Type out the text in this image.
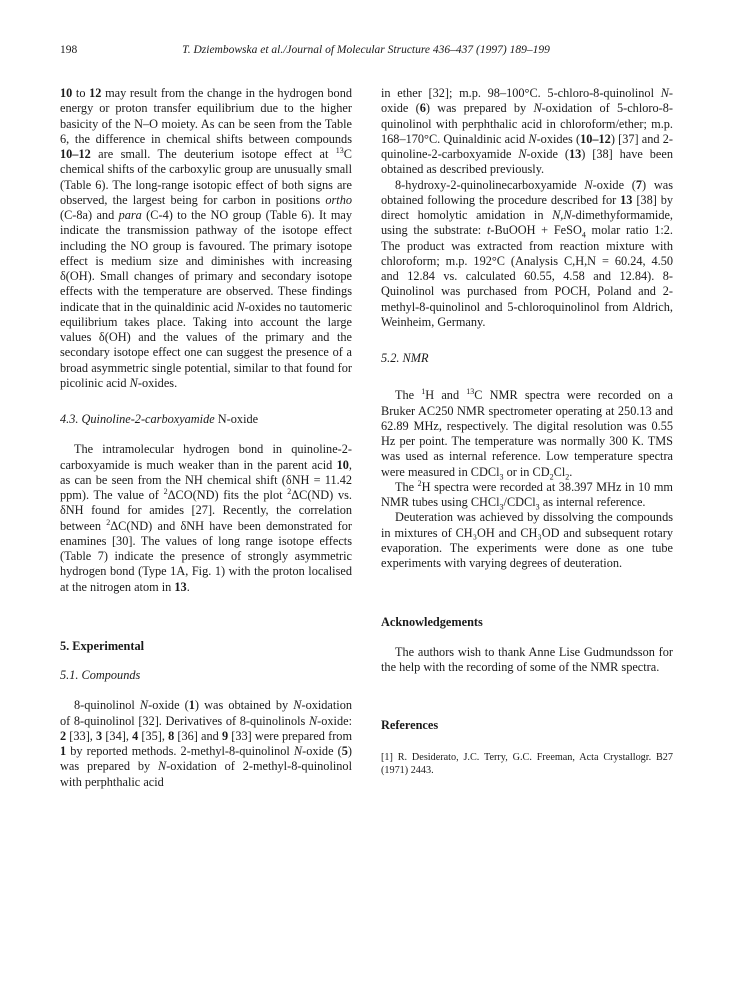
198	T. Dziembowska et al./Journal of Molecular Structure 436–437 (1997) 189–199

10 to 12 may result from the change in the hydrogen bond energy or proton transfer equilibrium due to the higher basicity of the N–O moiety. As can be seen from the Table 6, the difference in chemical shifts between compounds 10–12 are small. The deuterium isotope effect at $^{13}$C chemical shifts of the carboxylic group are unusually small (Table 6). The long-range isotopic effect of both signs are observed, the largest being for carbon in positions ortho (C-8a) and para (C-4) to the NO group (Table 6). It may indicate the transmission pathway of the isotope effect including the NO group is favoured. The primary isotope effect is medium size and diminishes with increasing δ(OH). Small changes of primary and secondary isotope effects with the temperature are observed. These findings indicate that in the quinaldinic acid N-oxides no tautomeric equilibrium takes place. Taking into account the large values δ(OH) and the values of the primary and the secondary isotope effect one can suggest the presence of a broad asymmetric single potential, similar to that found for picolinic acid N-oxides.

4.3. Quinoline-2-carboxyamide N-oxide

The intramolecular hydrogen bond in quinoline-2-carboxyamide is much weaker than in the parent acid 10, as can be seen from the NH chemical shift (δNH = 11.42 ppm). The value of $^2$ΔCO(ND) fits the plot $^2$ΔC(ND) vs. δNH found for amides [27]. Recently, the correlation between $^2$ΔC(ND) and δNH have been demonstrated for enamines [30]. The values of long range isotope effects (Table 7) indicate the presence of strongly asymmetric hydrogen bond (Type 1A, Fig. 1) with the proton localised at the nitrogen atom in 13.

5. Experimental

5.1. Compounds

8-quinolinol N-oxide (1) was obtained by N-oxidation of 8-quinolinol [32]. Derivatives of 8-quinolinols N-oxide: 2 [33], 3 [34], 4 [35], 8 [36] and 9 [33] were prepared from 1 by reported methods. 2-methyl-8-quinolinol N-oxide (5) was prepared by N-oxidation of 2-methyl-8-quinolinol with perphthalic acid

in ether [32]; m.p. 98–100°C. 5-chloro-8-quinolinol N-oxide (6) was prepared by N-oxidation of 5-chloro-8-quinolinol with perphthalic acid in chloroform/ether; m.p. 168–170°C. Quinaldinic acid N-oxides (10–12) [37] and 2-quinoline-2-carboxyamide N-oxide (13) [38] have been obtained as described previously.

8-hydroxy-2-quinolinecarboxyamide N-oxide (7) was obtained following the procedure described for 13 [38] by direct homolytic amidation in N,N-dimethyformamide, using the substrate: t-BuOOH + FeSO$_4$ molar ratio 1:2. The product was extracted from reaction mixture with chloroform; m.p. 192°C (Analysis C,H,N = 60.24, 4.50 and 12.84 vs. calculated 60.55, 4.58 and 12.84). 8-Quinolinol was purchased from POCH, Poland and 2-methyl-8-quinolinol and 5-chloroquinolinol from Aldrich, Weinheim, Germany.

5.2. NMR

The $^1$H and $^{13}$C NMR spectra were recorded on a Bruker AC250 NMR spectrometer operating at 250.13 and 62.89 MHz, respectively. The digital resolution was 0.55 Hz per point. The temperature was normally 300 K. TMS was used as internal reference. Low temperature spectra were measured in CDCl$_3$ or in $CD_2Cl_2$.

The $^2$H spectra were recorded at 38.397 MHz in 10 mm NMR tubes using CHCl$_3$/CDCl$_3$ as internal reference.

Deuteration was achieved by dissolving the compounds in mixtures of CH₃OH and CH₃OD and subsequent rotary evaporation. The experiments were done as one tube experiments with varying degrees of deuteration.

Acknowledgements

The authors wish to thank Anne Lise Gudmundsson for the help with the recording of some of the NMR spectra.

References

[1] R. Desiderato, J.C. Terry, G.C. Freeman, Acta Crystallogr. B27 (1971) 2443.
